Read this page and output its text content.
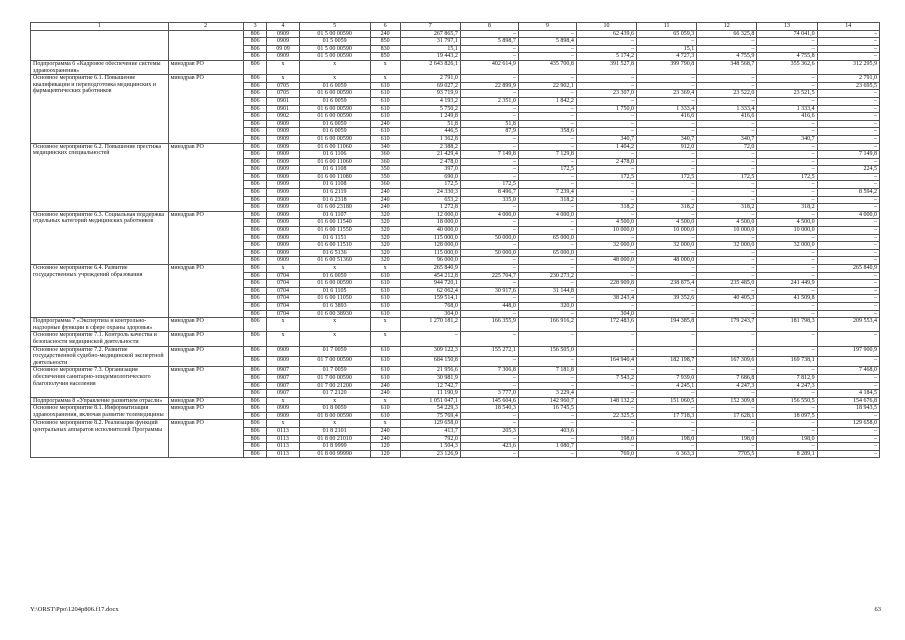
1	2	3	4	5	6	7	8	9	10	11	12	13	14
		806	0909	01 5 00 00590	240	267 865,7	–	–	62 439,6	65 059,3	66 325,8	74 041,0	–
		806	0909	01 5 0059	850	31 797,1	5 898,7	5 898,4	–	–	–	–	–
		806	09 09	01 5 00 00590	830	15,1	–	–	–	15,1	–	–	–
		806	0909	01 5 00 00590	850	19 443,2	–	–	5 174,2	4 727,3	4 755,9	4 755,8	–
Подпрограмма 6 «Кадровое обеспечение системы здравоохранения»	минздрав РО	806	x	x	x	2 643 826,1	402 614,9	435 700,8	391 527,8	399 790,8	348 568,7	355 362,6	312 295,9
Основное мероприятие 6.1. Повышение квалификации и переподготовка медицинских и фармацевтических работников	минздрав РО	806	x	x	x	2 791,0	–	–	–	–	–	–	2 791,0
		806	0705	01 6 0059	610	69 027,2	22 899,9	22 902,1	–	–	–	–	23 695,5
		806	0705	01 6 00 00590	610	93 719,9	–	–	23 307,0	23 369,4	23 522,0	23 521,5	–
		806	0901	01 6 0059	610	4 193,2	2 351,0	1 842,2	–	–	–	–	–
		806	0901	01 6 00 00590	610	5 750,2	–	–	1 750,0	1 333,4	1 333,4	1 333,4	–
		806	0902	01 6 00 00590	610	1 249,8	–	–	–	416,6	416,6	416,6	–
		806	0909	01 6 0059	240	51,8	51,8	–	–	–	–	–	–
		806	0909	01 6 0059	610	446,5	87,9	358,6	–	–	–	–	–
		806	0909	01 6 00 00590	610	1 362,8	–	–	340,7	340,7	340,7	340,7	–
Основное мероприятие 6.2. Повышение престижа медицинских специальностей	минздрав РО	806	0909	01 6 00 11060	340	2 388,2	–	–	1 404,2	912,0	72,0	–	–
		806	0909	01 6 1106	360	21 429,4	7 149,8	7 129,8	–	–	–	–	7 149,8
		806	0909	01 6 00 11060	360	2 478,0	–	–	2 478,0	–	–	–	–
		806	0909	01 6 1108	350	397,0	–	172,5	–	–	–	–	224,5
		806	0909	01 6 00 11080	350	690,0	–	–	172,5	172,5	172,5	172,5	–
		806	0909	01 6 1108	360	172,5	172,5	–	–	–	–	–	–
		806	0909	01 6 2119	240	24 330,3	8 496,7	7 239,4	–	–	–	–	8 594,2
		806	0909	01 6 2318	240	653,2	335,0	318,2	–	–	–	–	–
		806	0909	01 6 00 23180	240	1 272,8	–	–	318,2	318,2	318,2	318,2	–
Основное мероприятие 6.3. Социальная поддержка отдельных категорий медицинских работников	минздрав РО	806	0909	01 6 1107	320	12 000,0	4 000,0	4 000,0	–	–	–	–	4 000,0
		806	0909	01 6 00 11540	320	18 000,0	–	–	4 500,0	4 500,0	4 500,0	4 500,0	–
		806	0909	01 6 00 11550	320	40 000,0	–	–	10 000,0	10 000,0	10 000,0	10 000,0	–
		806	0909	01 6 1151	320	115 000,0	50 000,0	65 000,0	–	–	–	–	–
		806	0909	01 6 00 11510	320	128 000,0	–	–	32 000,0	32 000,0	32 000,0	32 000,0	–
		806	0909	01 6 5136	320	115 000,0	50 000,0	65 000,0	–	–	–	–	–
		806	0909	01 6 00 51360	320	96 000,0	–	–	48 000,0	48 000,0	–	–	–
Основное мероприятие 6.4. Развитие государственных учреждений образования	минздрав РО	806	x	x	x	265 840,9	–	–	–	–	–	–	265 840,9
		806	0704	01 6 0059	610	454 212,8	225 704,7	230 273,2	–	–	–	–	–
		806	0704	01 6 00 00590	610	944 720,1	–	–	228 909,8	238 875,4	235 485,0	241 449,9	–
		806	0704	01 6 1105	610	62 062,4	30 917,6	31 144,8	–	–	–	–	–
		806	0704	01 6 00 11050	610	159 514,1	–	–	38 243,4	39 352,6	40 405,3	41 509,8	–
		806	0704	01 6 3893	610	768,0	448,0	320,0	–	–	–	–	–
		806	0704	01 6 00 38930	610	304,0	–	–	304,0	–	–	–	–
Подпрограмма 7 «Экспертиза и контрольно-надзорные функции в сфере охраны здоровья»	минздрав РО	806	x	x	x	1 270 181,2	166 355,9	166 916,2	172 483,6	194 385,8	179 243,7	181 798,3	209 553,4
Основное мероприятие 7.1. Контроль качества и безопасности медицинской деятельности	минздрав РО	806	x	x	x	–	–	–	–	–	–	–	–
Основное мероприятие 7.2. Развитие государственной судебно-медицинской экспертной деятельности	минздрав РО	806	0909	01 7 0059	610	309 122,3	155 272,1	156 505,0	–	–	–	–	197 900,9
		806	0909	01 7 00 00590	610	684 150,8	–	–	164 940,4	182 198,7	167 309,6	169 738,1	–
Основное мероприятие 7.3. Организация обеспечения санитарно-эпидемиологического благополучия населения	минздрав РО	806	0907	01 7 0059	610	21 956,6	7 306,8	7 181,8	–	–	–	–	7 468,0
		806	0907	01 7 00 00590	610	30 981,9	–	–	7 543,2	7 939,0	7 686,8	7 812,9	–
		806	0907	01 7 00 21200	240	12 742,7	–	–	–	4 245,1	4 247,3	4 247,3	–
		806	0907	01 7 2120	240	11 190,9	3 777,0	3 229,4	–	–	–	–	4 184,5
Подпрограмма 8 «Управление развитием отрасли»	минздрав РО	806	x	x	x	1 051 047,1	145 604,6	142 960,7	148 132,2	151 060,5	152 309,8	156 550,5	154 676,8
Основное мероприятие 8.1. Информатизация здравоохранения, включая развитие телемедицины	минздрав РО	806	0909	01 8 0059	610	54 229,3	18 540,3	16 745,5	–	–	–	–	18 943,5
		806	0909	01 8 00 00590	610	75 769,4	–	–	22 325,5	17 718,3	17 628,1	18 097,5	–
Основное мероприятие 8.2. Реализация функций центральных аппаратов исполнителей Программы	минздрав РО	806	x	x	x	129 658,0	–	–	–	–	–	–	129 658,0
		806	0113	01 8 2101	240	413,7	205,3	403,6	–	–	–	–	–
		806	0113	01 8 00 21010	240	792,0	–	–	198,0	198,0	198,0	198,0	–
		806	0113	01 8 9999	120	1 504,3	423,6	1 080,7	–	–	–	–	–
		806	0113	01 8 00 99990	120	23 126,9	–	–	769,0	6 363,3	7705,5	8 289,1	–
Y:\ORST\Ppo\1204p806.f17.docx	63
